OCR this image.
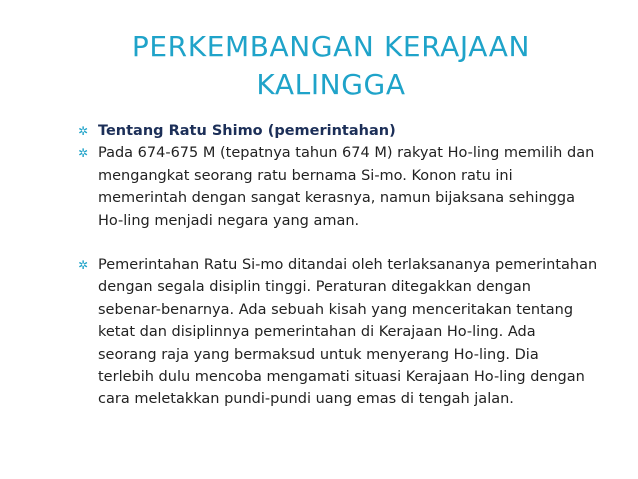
PERKEMBANGAN KERAJAAN
KALINGGA

✲ Tentang Ratu Shimo (pemerintahan)

✲ Pada 674-675 M (tepatnya tahun 674 M) rakyat Ho-ling memilih dan mengangkat seorang ratu bernama Si-mo. Konon ratu ini memerintah dengan sangat kerasnya, namun bijaksana sehingga Ho-ling menjadi negara yang aman.

✲ Pemerintahan Ratu Si-mo ditandai oleh terlaksananya pemerintahan dengan segala disiplin tinggi. Peraturan ditegakkan dengan sebenar-benarnya. Ada sebuah kisah yang menceritakan tentang ketat dan disiplinnya pemerintahan di Kerajaan Ho-ling. Ada seorang raja yang bermaksud untuk menyerang Ho-ling. Dia terlebih dulu mencoba mengamati situasi Kerajaan Ho-ling dengan cara meletakkan pundi-pundi uang emas di tengah jalan.
